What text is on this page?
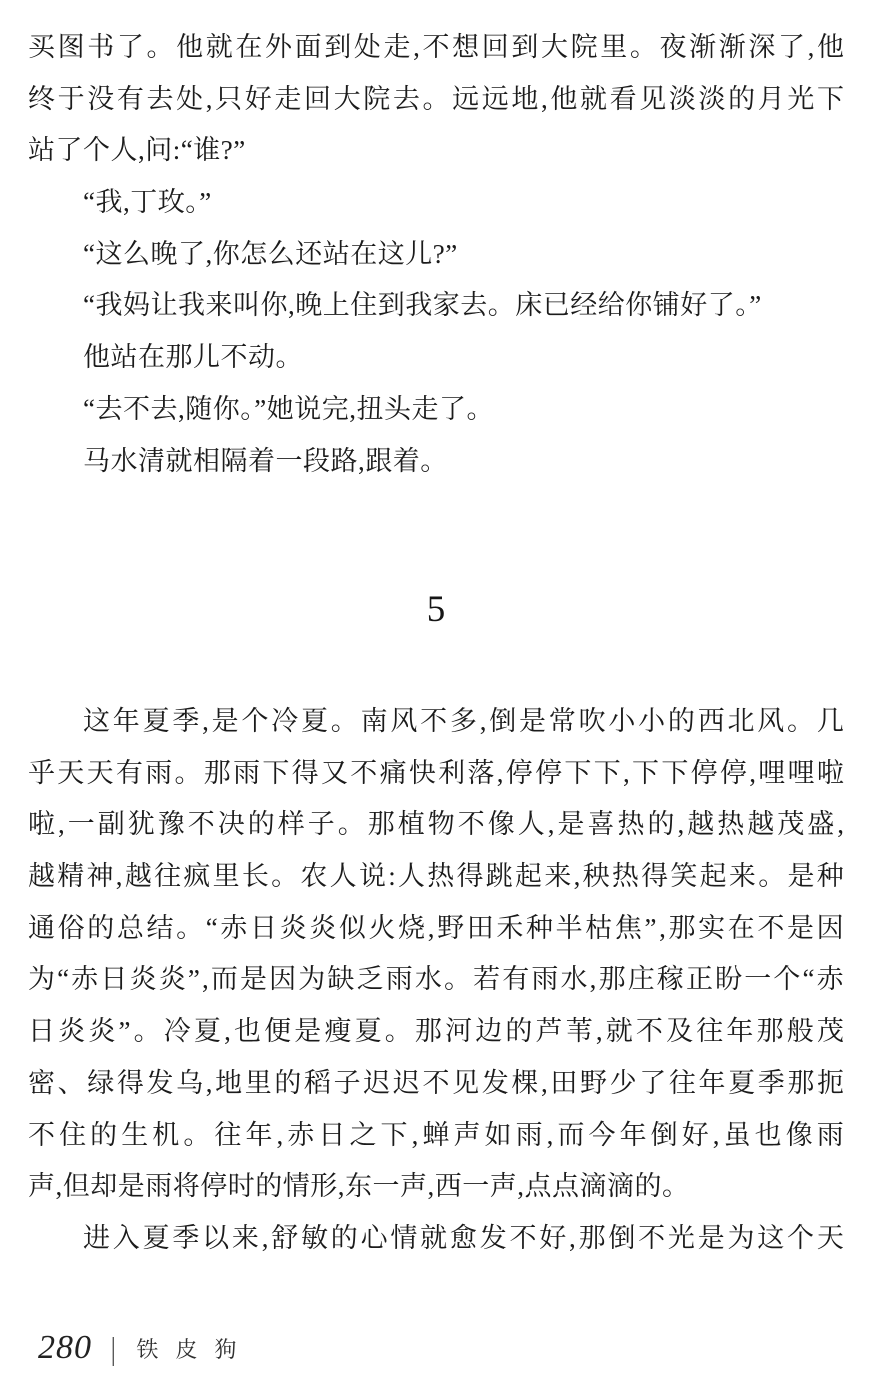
买 图 书 了 。 他 就 在 外 面 到 处 走 , 不 想 回 到 大 院 里 。 夜 渐 渐 深 了 , 他
终 于 没 有 去 处 , 只 好 走 回 大 院 去 。 远 远 地 , 他 就 看 见 淡 淡 的 月 光 下
站了个人,问:“谁?”
“我,丁玫。”
“这么晚了,你怎么还站在这儿?”
“我妈让我来叫你,晚上住到我家去。床已经给你铺好了。”
他站在那儿不动。
“去不去,随你。”她说完,扭头走了。
马水清就相隔着一段路,跟着。
5
这 年 夏 季 , 是 个 冷 夏 。 南 风 不 多 , 倒 是 常 吹 小 小 的 西 北 风 。 几
乎 天 天 有 雨 。 那 雨 下 得 又 不 痛 快 利 落 , 停 停 下 下 , 下 下 停 停 , 哩 哩 啦
啦 , 一 副 犹 豫 不 决 的 样 子 。 那 植 物 不 像 人 , 是 喜 热 的 , 越 热 越 茂 盛 ,
越 精 神 , 越 往 疯 里 长 。 农 人 说 : 人 热 得 跳 起 来 , 秧 热 得 笑 起 来 。 是 种
通 俗 的 总 结 。 “ 赤 日 炎 炎 似 火 烧 , 野 田 禾 种 半 枯 焦 ” , 那 实 在 不 是 因
为 “ 赤 日 炎 炎 ” , 而 是 因 为 缺 乏 雨 水 。 若 有 雨 水 , 那 庄 稼 正 盼 一 个 “ 赤
日 炎 炎 ” 。 冷 夏 , 也 便 是 瘦 夏 。 那 河 边 的 芦 苇 , 就 不 及 往 年 那 般 茂
密 、 绿 得 发 乌 , 地 里 的 稻 子 迟 迟 不 见 发 棵 , 田 野 少 了 往 年 夏 季 那 扼
不 住 的 生 机 。 往 年 , 赤 日 之 下 , 蝉 声 如 雨 , 而 今 年 倒 好 , 虽 也 像 雨
声,但却是雨将停时的情形,东一声,西一声,点点滴滴的。
进 入 夏 季 以 来 , 舒 敏 的 心 情 就 愈 发 不 好 , 那 倒 不 光 是 为 这 个 天
280 | 铁皮狗
